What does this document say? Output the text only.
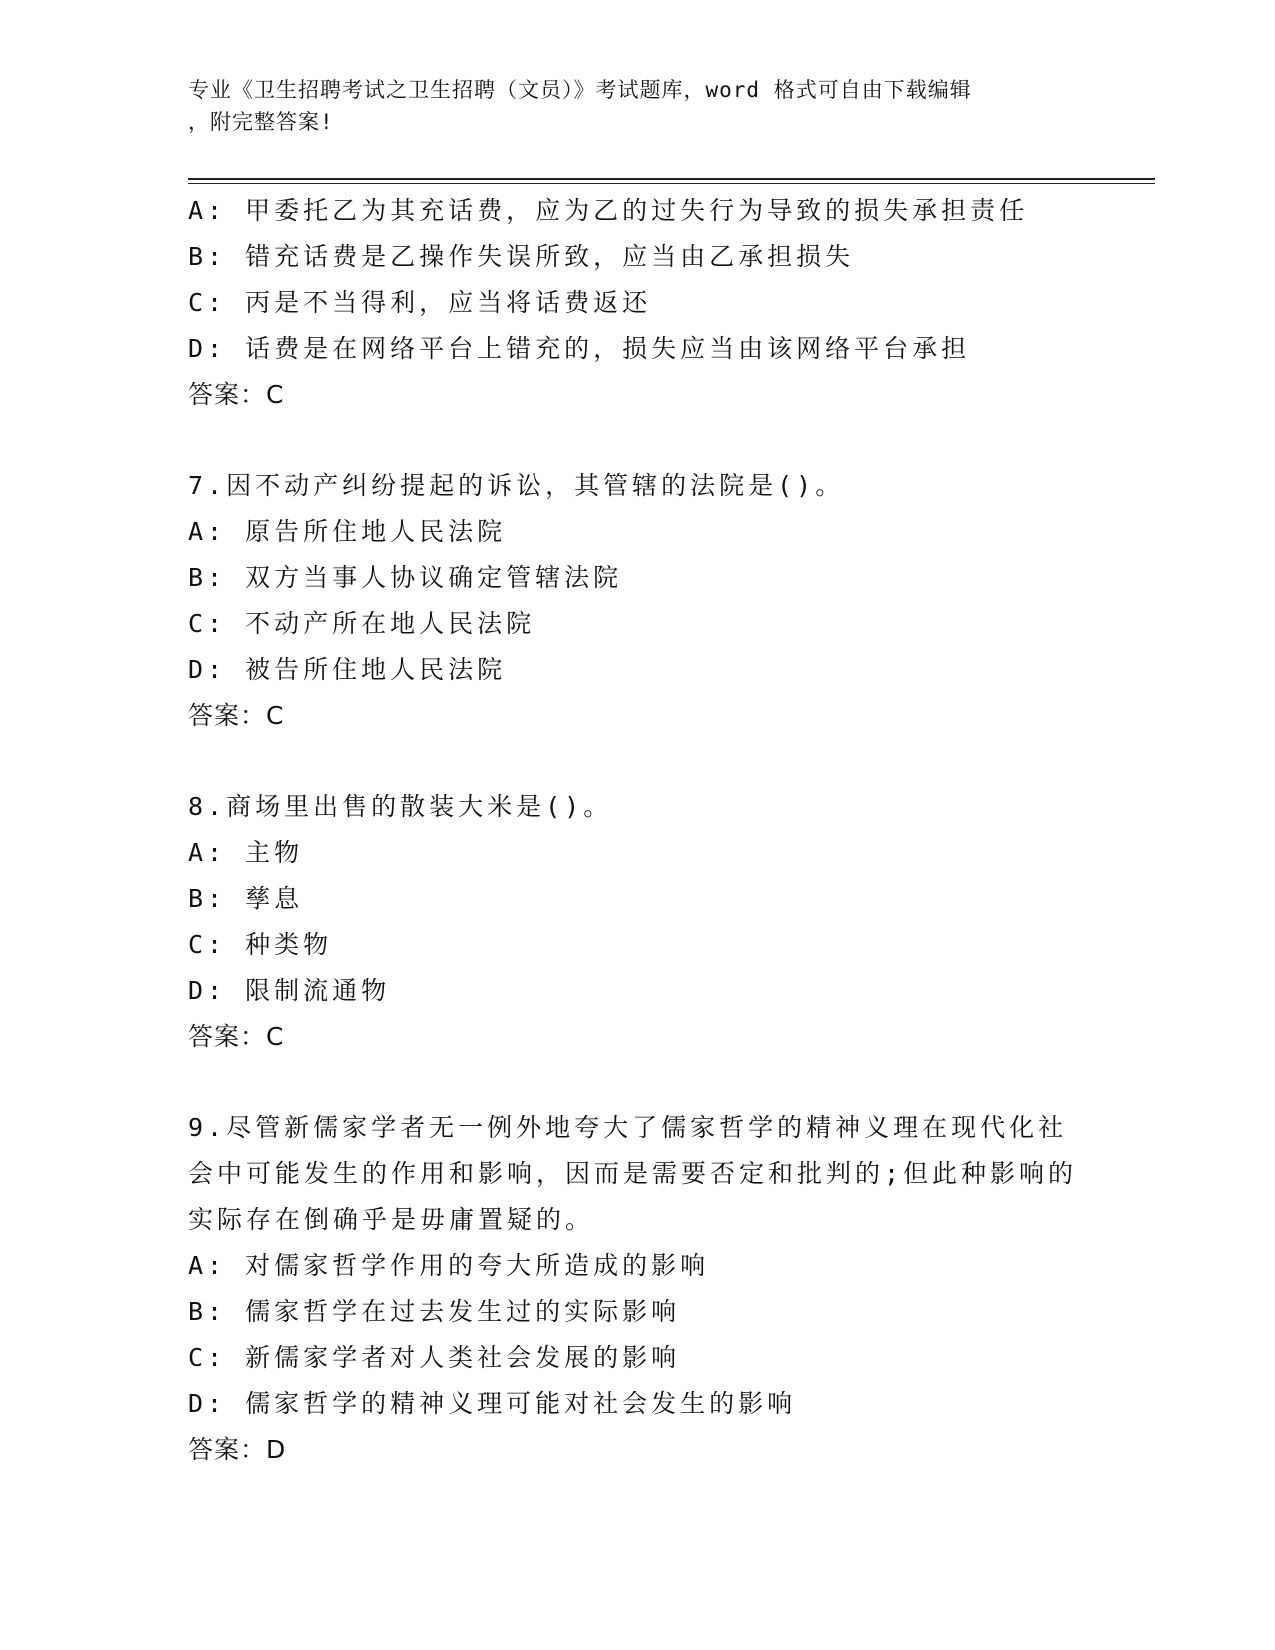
专业《卫生招聘考试之卫生招聘（文员）》考试题库，word 格式可自由下载编辑
，附完整答案!
A: 甲委托乙为其充话费，应为乙的过失行为导致的损失承担责任
B: 错充话费是乙操作失误所致，应当由乙承担损失
C: 丙是不当得利，应当将话费返还
D: 话费是在网络平台上错充的，损失应当由该网络平台承担
答案：C
7.因不动产纠纷提起的诉讼，其管辖的法院是()。
A: 原告所住地人民法院
B: 双方当事人协议确定管辖法院
C: 不动产所在地人民法院
D: 被告所住地人民法院
答案：C
8.商场里出售的散装大米是()。
A: 主物
B: 孳息
C: 种类物
D: 限制流通物
答案：C
9.尽管新儒家学者无一例外地夸大了儒家哲学的精神义理在现代化社
会中可能发生的作用和影响，因而是需要否定和批判的;但此种影响的
实际存在倒确乎是毋庸置疑的。
A: 对儒家哲学作用的夸大所造成的影响
B: 儒家哲学在过去发生过的实际影响
C: 新儒家学者对人类社会发展的影响
D: 儒家哲学的精神义理可能对社会发生的影响
答案：D
